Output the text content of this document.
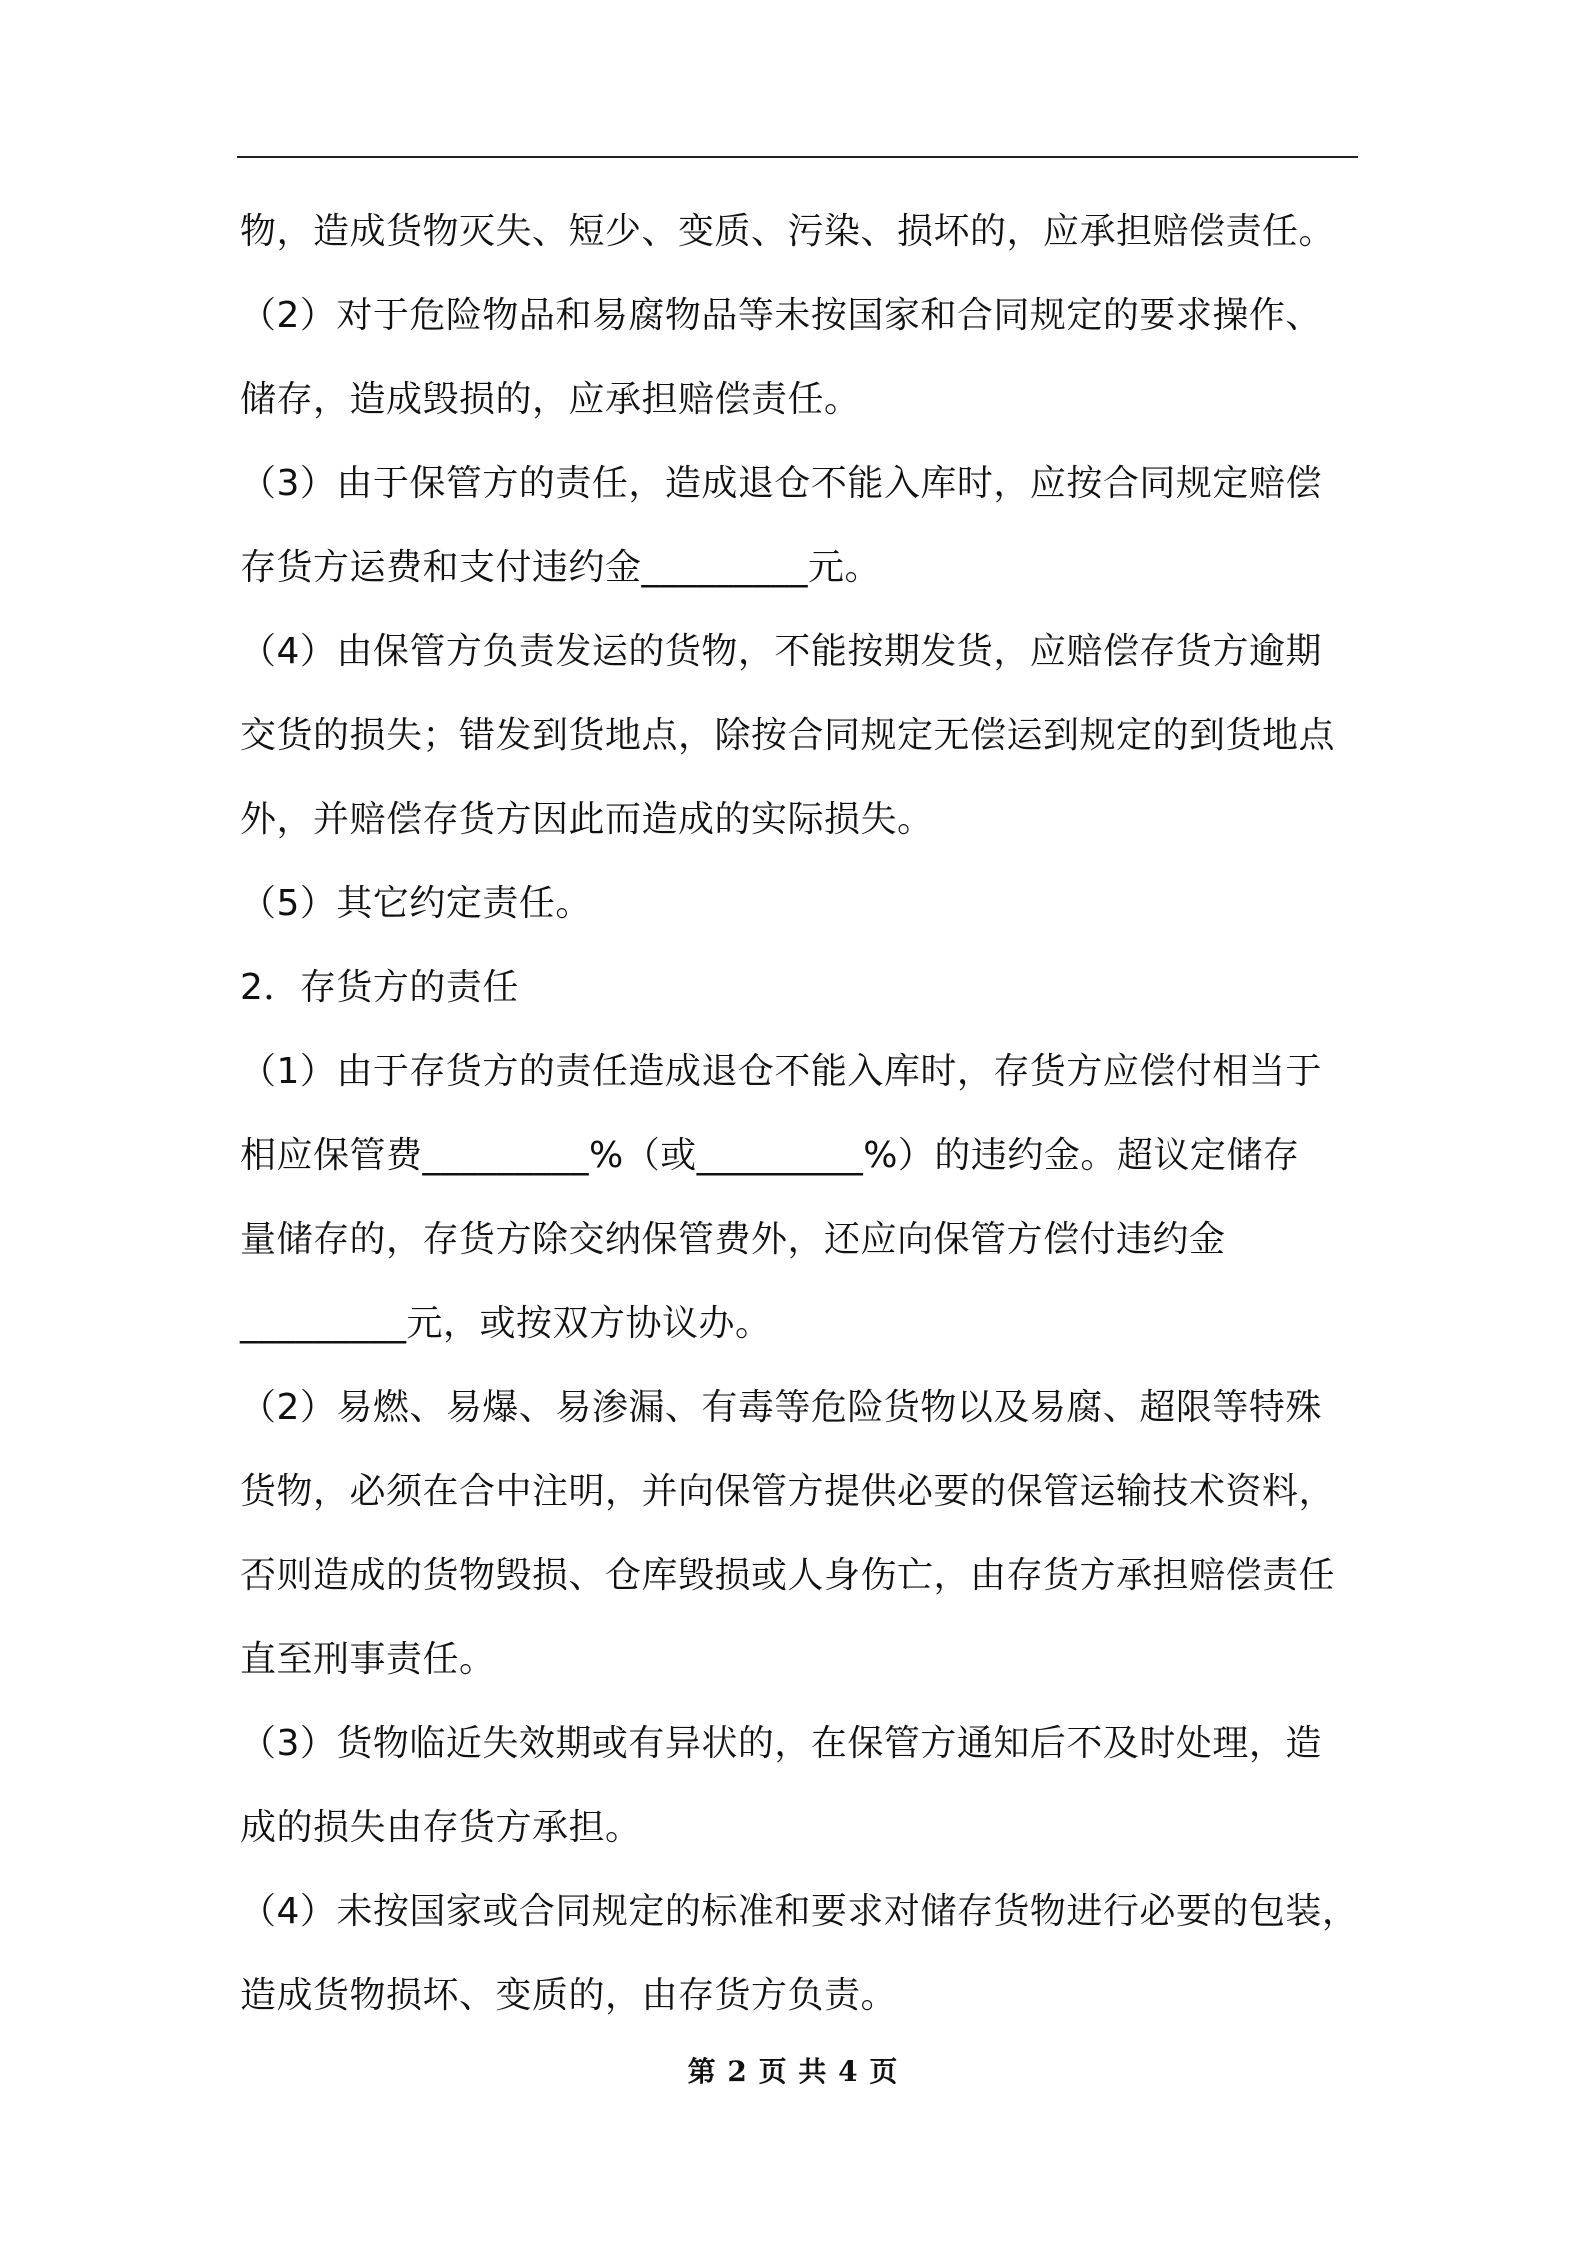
物，造成货物灭失、短少、变质、污染、损坏的，应承担赔偿责任。
（2）对于危险物品和易腐物品等未按国家和合同规定的要求操作、
储存，造成毁损的，应承担赔偿责任。
（3）由于保管方的责任，造成退仓不能入库时，应按合同规定赔偿
存货方运费和支付违约金_________元。
（4）由保管方负责发运的货物，不能按期发货，应赔偿存货方逾期
交货的损失；错发到货地点，除按合同规定无偿运到规定的到货地点
外，并赔偿存货方因此而造成的实际损失。
（5）其它约定责任。
2．存货方的责任
（1）由于存货方的责任造成退仓不能入库时，存货方应偿付相当于
相应保管费_________%（或_________%）的违约金。超议定储存
量储存的，存货方除交纳保管费外，还应向保管方偿付违约金
_________元，或按双方协议办。
（2）易燃、易爆、易渗漏、有毒等危险货物以及易腐、超限等特殊
货物，必须在合中注明，并向保管方提供必要的保管运输技术资料，
否则造成的货物毁损、仓库毁损或人身伤亡，由存货方承担赔偿责任
直至刑事责任。
（3）货物临近失效期或有异状的，在保管方通知后不及时处理，造
成的损失由存货方承担。
（4）未按国家或合同规定的标准和要求对储存货物进行必要的包装，
造成货物损坏、变质的，由存货方负责。
第 2 页 共 4 页
